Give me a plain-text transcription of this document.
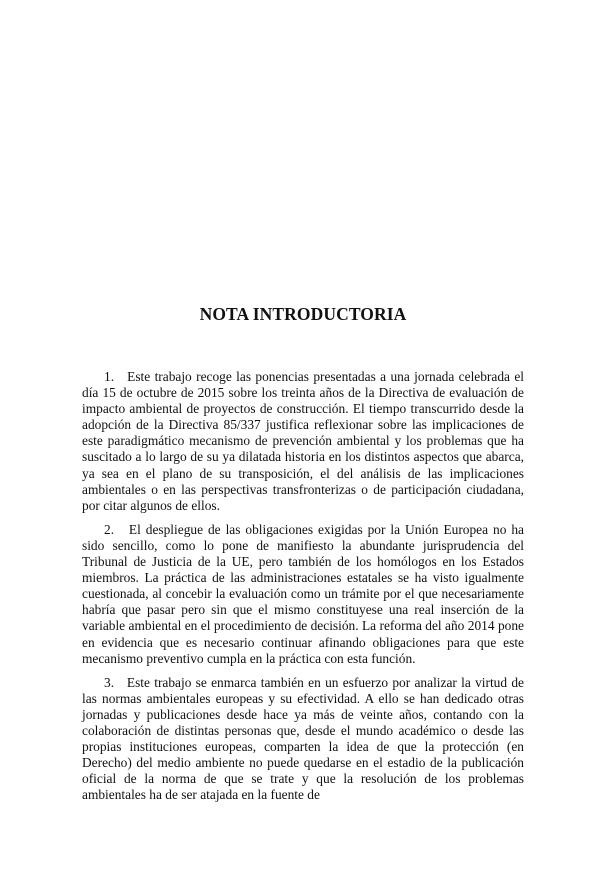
NOTA INTRODUCTORIA

1. Este trabajo recoge las ponencias presentadas a una jornada celebrada el día 15 de octubre de 2015 sobre los treinta años de la Directiva de evaluación de impacto ambiental de proyectos de construcción. El tiempo transcurrido desde la adopción de la Directiva 85/337 justifica reflexionar sobre las implicaciones de este paradigmático mecanismo de prevención ambiental y los problemas que ha suscitado a lo largo de su ya dilatada historia en los distintos aspectos que abarca, ya sea en el plano de su transposición, el del análisis de las implicaciones ambientales o en las perspectivas transfronterizas o de participación ciudadana, por citar algunos de ellos.

2. El despliegue de las obligaciones exigidas por la Unión Europea no ha sido sencillo, como lo pone de manifiesto la abundante jurisprudencia del Tribunal de Justicia de la UE, pero también de los homólogos en los Estados miembros. La práctica de las administraciones estatales se ha visto igualmente cuestionada, al concebir la evaluación como un trámite por el que necesariamente habría que pasar pero sin que el mismo constituyese una real inserción de la variable ambiental en el procedimiento de decisión. La reforma del año 2014 pone en evidencia que es necesario continuar afinando obligaciones para que este mecanismo preventivo cumpla en la práctica con esta función.

3. Este trabajo se enmarca también en un esfuerzo por analizar la virtud de las normas ambientales europeas y su efectividad. A ello se han dedicado otras jornadas y publicaciones desde hace ya más de veinte años, contando con la colaboración de distintas personas que, desde el mundo académico o desde las propias instituciones europeas, comparten la idea de que la protección (en Derecho) del medio ambiente no puede quedarse en el estadio de la publicación oficial de la norma de que se trate y que la resolución de los problemas ambientales ha de ser atajada en la fuente de
